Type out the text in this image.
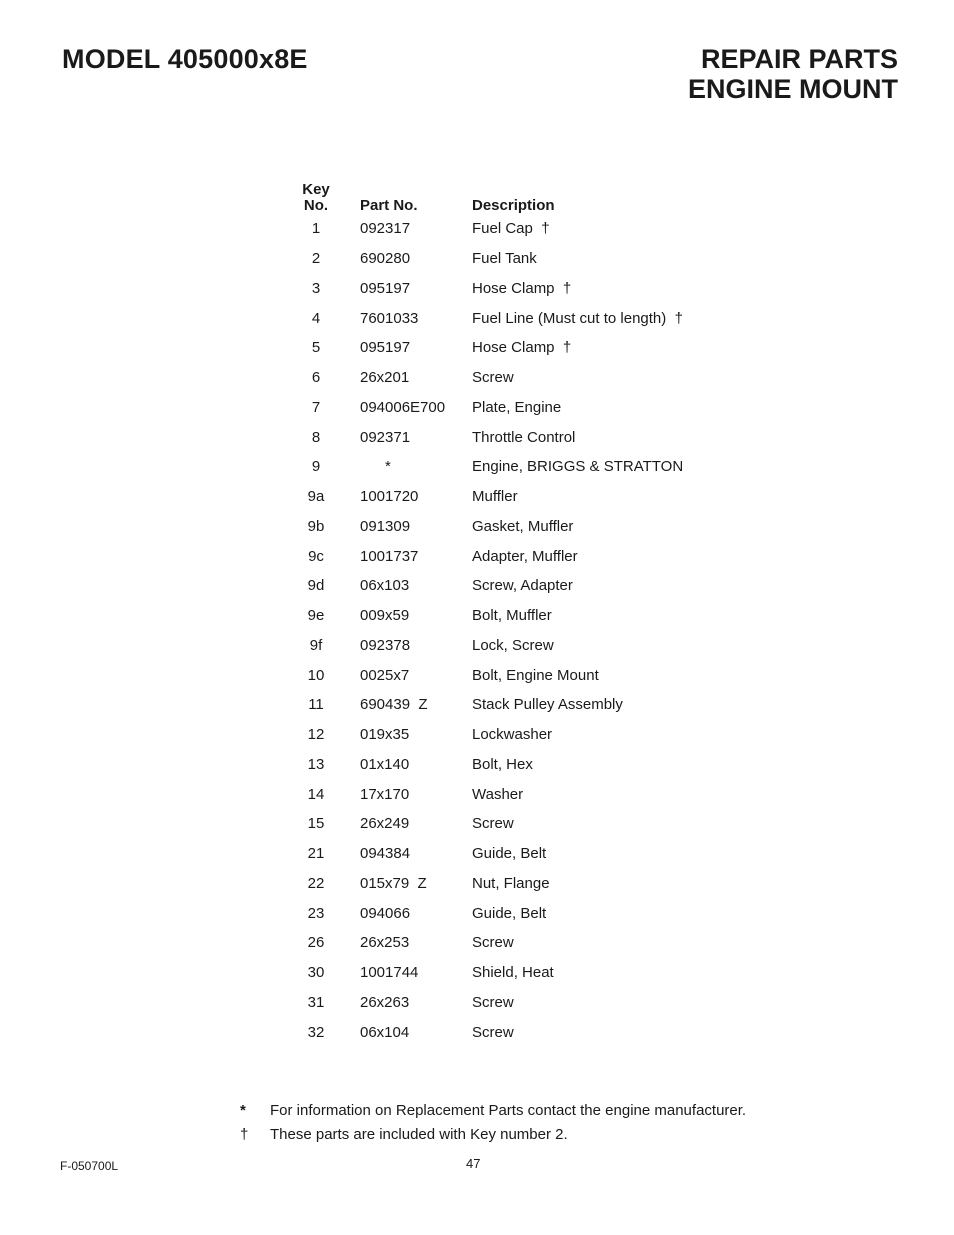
MODEL 405000x8E	REPAIR PARTS
ENGINE MOUNT
Key
No.	Part No.	Description
1	092317	Fuel Cap  †
2	690280	Fuel Tank
3	095197	Hose Clamp  †
4	7601033	Fuel Line (Must cut to length)  †
5	095197	Hose Clamp  †
6	26x201	Screw
7	094006E700	Plate, Engine
8	092371	Throttle Control
9	*	Engine, BRIGGS & STRATTON
9a	1001720	Muffler
9b	091309	Gasket, Muffler
9c	1001737	Adapter, Muffler
9d	06x103	Screw, Adapter
9e	009x59	Bolt, Muffler
9f	092378	Lock, Screw
10	0025x7	Bolt, Engine Mount
11	690439  Z	Stack Pulley Assembly
12	019x35	Lockwasher
13	01x140	Bolt, Hex
14	17x170	Washer
15	26x249	Screw
21	094384	Guide, Belt
22	015x79  Z	Nut, Flange
23	094066	Guide, Belt
26	26x253	Screw
30	1001744	Shield, Heat
31	26x263	Screw
32	06x104	Screw
*	For information on Replacement Parts contact the engine manufacturer.
†	These parts are included with Key number 2.
F-050700L	47
